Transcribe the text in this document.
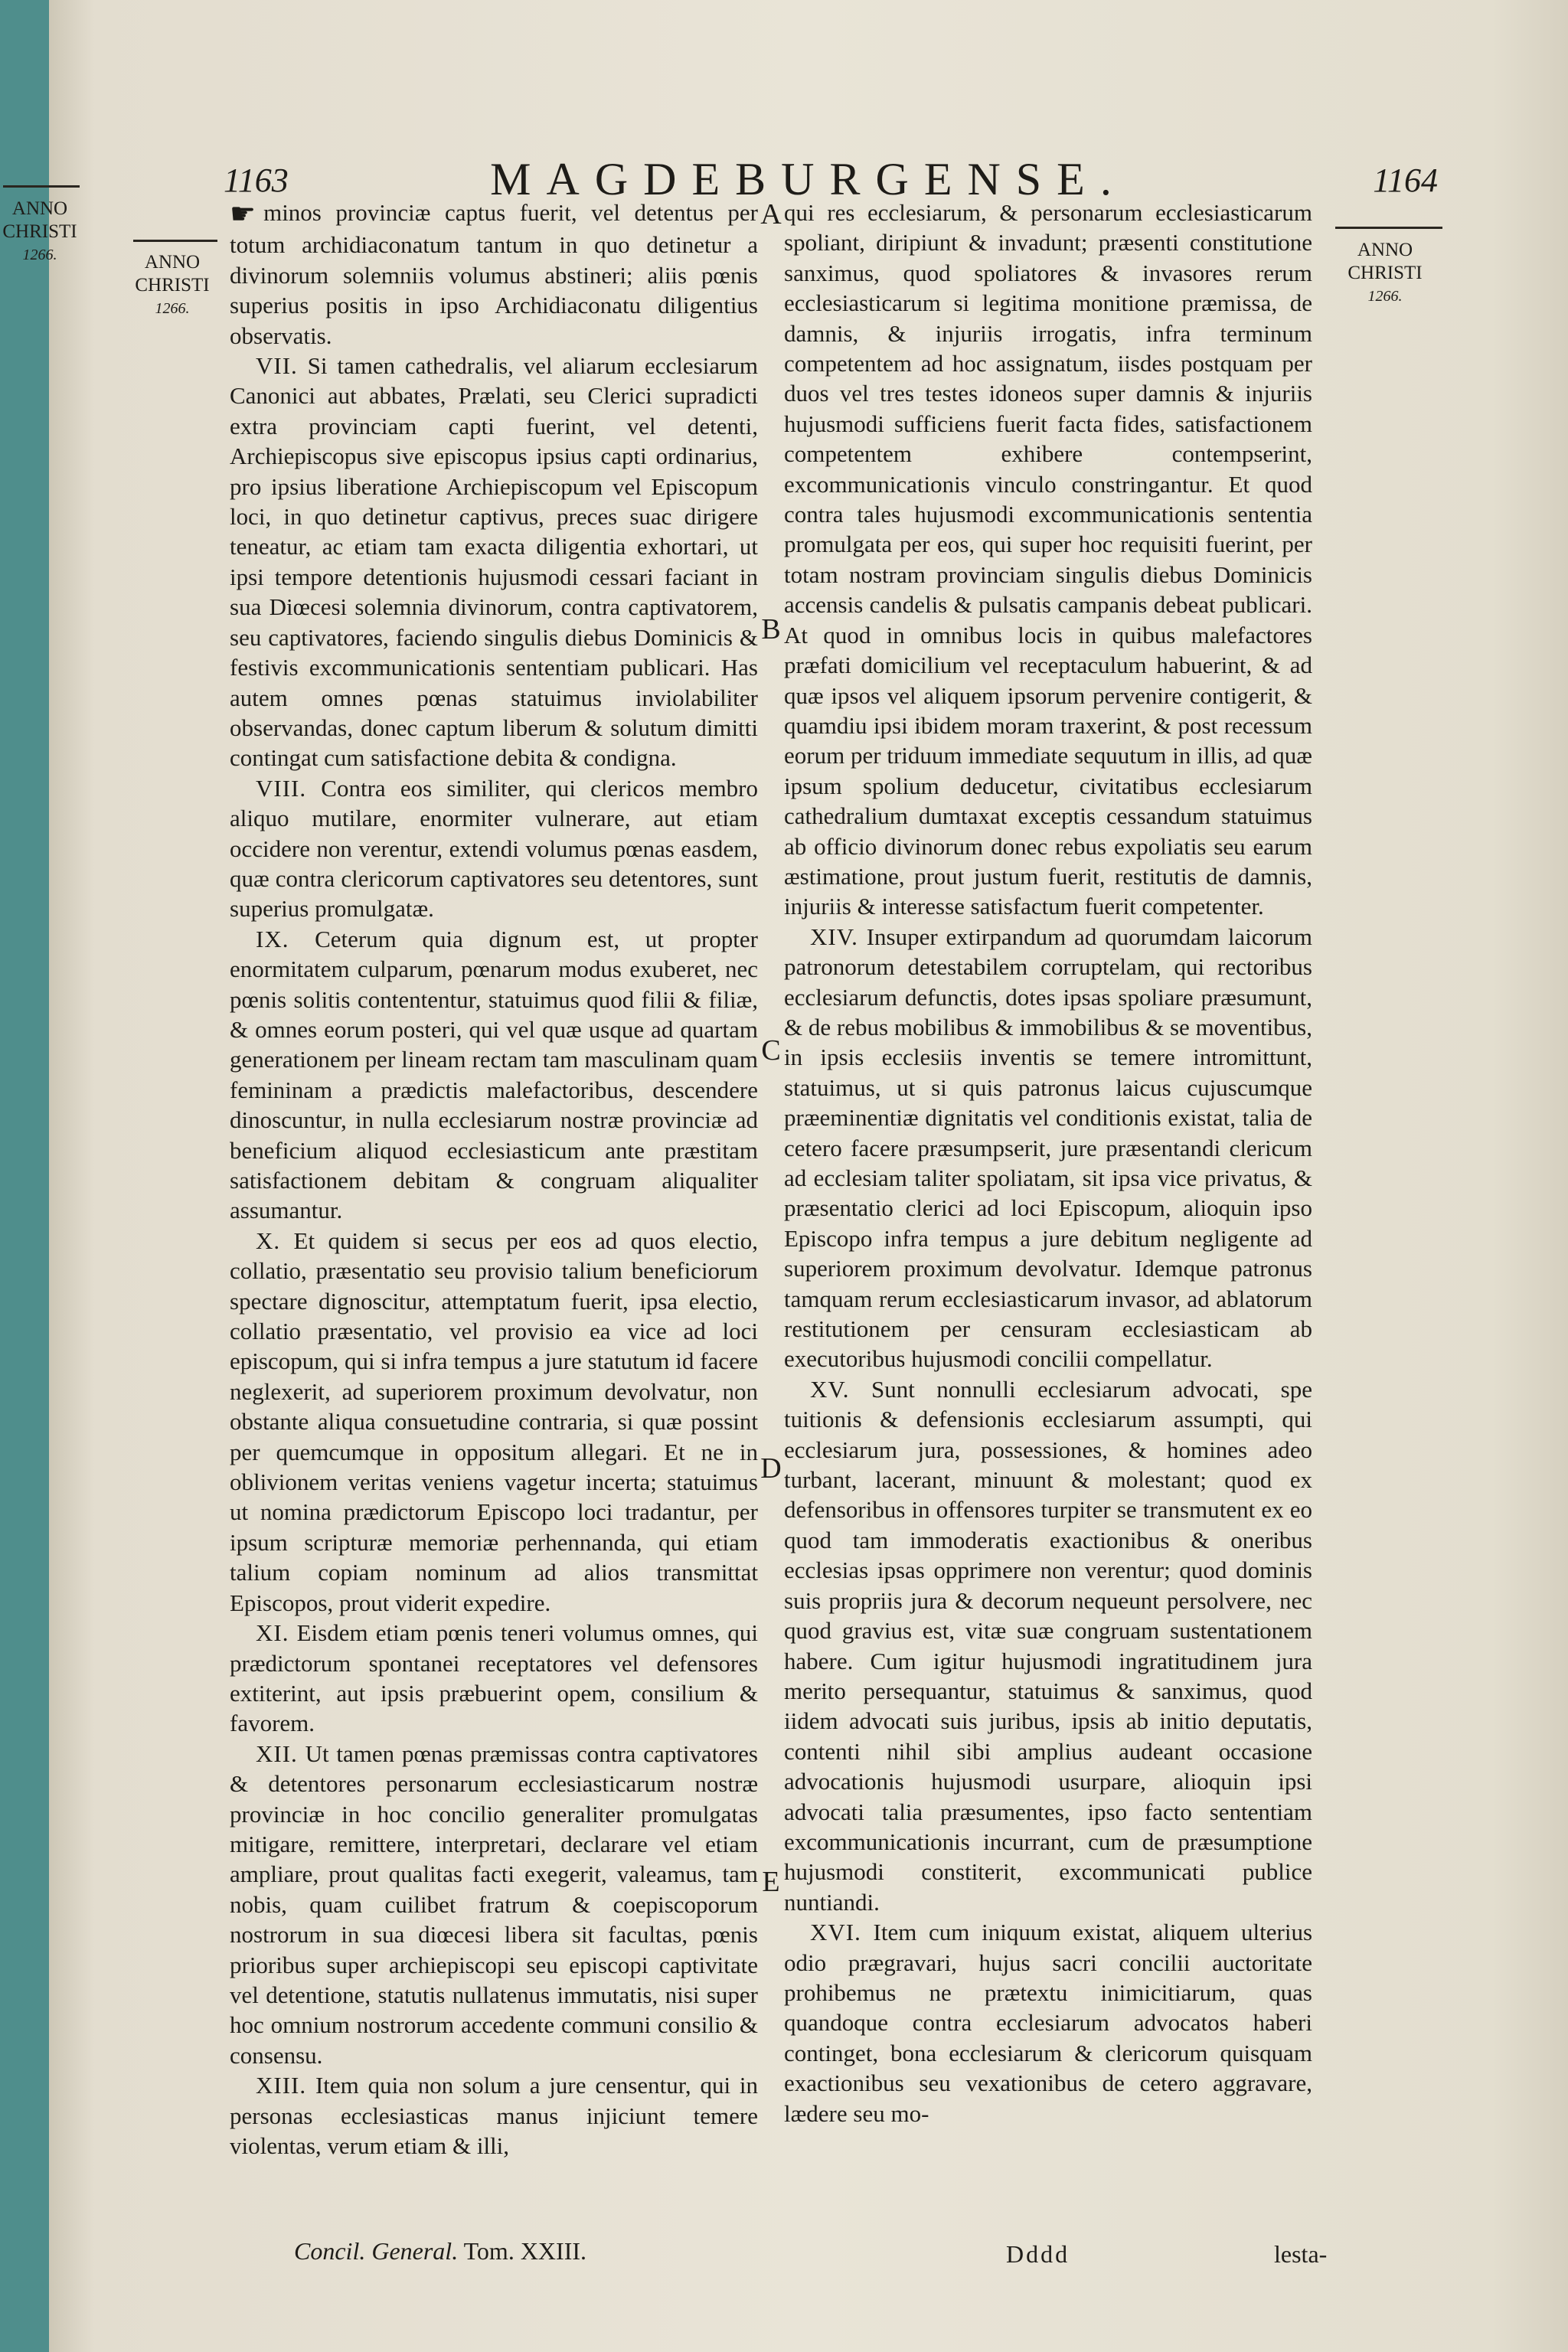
ANNO
CHRISTI
1266.
1163	MAGDEBURGENSE.	1164
ANNO
CHRISTI
1266.
ANNO
CHRISTI
1266.
A
B
C
D
E

☛ minos provinciæ captus fuerit, vel detentus per totum archidiaconatum tantum in quo detinetur a divinorum solemniis volumus abstineri; aliis pœnis superius positis in ipso Archidiaconatu diligentius observatis.

VII. Si tamen cathedralis, vel aliarum ecclesiarum Canonici aut abbates, Prælati, seu Clerici supradicti extra provinciam capti fuerint, vel detenti, Archiepiscopus sive episcopus ipsius capti ordinarius, pro ipsius liberatione Archiepiscopum vel Episcopum loci, in quo detinetur captivus, preces suac dirigere teneatur, ac etiam tam exacta diligentia exhortari, ut ipsi tempore detentionis hujusmodi cessari faciant in sua Diœcesi solemnia divinorum, contra captivatorem, seu captivatores, faciendo singulis diebus Dominicis & festivis excommunicationis sententiam publicari. Has autem omnes pœnas statuimus inviolabiliter observandas, donec captum liberum & solutum dimitti contingat cum satisfactione debita & condigna.

VIII. Contra eos similiter, qui clericos membro aliquo mutilare, enormiter vulnerare, aut etiam occidere non verentur, extendi volumus pœnas easdem, quæ contra clericorum captivatores seu detentores, sunt superius promulgatæ.

IX. Ceterum quia dignum est, ut propter enormitatem culparum, pœnarum modus exuberet, nec pœnis solitis contententur, statuimus quod filii & filiæ, & omnes eorum posteri, qui vel quæ usque ad quartam generationem per lineam rectam tam masculinam quam femininam a prædictis malefactoribus, descendere dinoscuntur, in nulla ecclesiarum nostræ provinciæ ad beneficium aliquod ecclesiasticum ante præstitam satisfactionem debitam & congruam aliqualiter assumantur.

X. Et quidem si secus per eos ad quos electio, collatio, præsentatio seu provisio talium beneficiorum spectare dignoscitur, attemptatum fuerit, ipsa electio, collatio præsentatio, vel provisio ea vice ad loci episcopum, qui si infra tempus a jure statutum id facere neglexerit, ad superiorem proximum devolvatur, non obstante aliqua consuetudine contraria, si quæ possint per quemcumque in oppositum allegari. Et ne in oblivionem veritas veniens vagetur incerta; statuimus ut nomina prædictorum Episcopo loci tradantur, per ipsum scripturæ memoriæ perhennanda, qui etiam talium copiam nominum ad alios transmittat Episcopos, prout viderit expedire.

XI. Eisdem etiam pœnis teneri volumus omnes, qui prædictorum spontanei receptatores vel defensores extiterint, aut ipsis præbuerint opem, consilium & favorem.

XII. Ut tamen pœnas præmissas contra captivatores & detentores personarum ecclesiasticarum nostræ provinciæ in hoc concilio generaliter promulgatas mitigare, remittere, interpretari, declarare vel etiam ampliare, prout qualitas facti exegerit, valeamus, tam nobis, quam cuilibet fratrum & coepiscoporum nostrorum in sua diœcesi libera sit facultas, pœnis prioribus super archiepiscopi seu episcopi captivitate vel detentione, statutis nullatenus immutatis, nisi super hoc omnium nostrorum accedente communi consilio & consensu.

XIII. Item quia non solum a jure censentur, qui in personas ecclesiasticas manus injiciunt temere violentas, verum etiam & illi,

qui res ecclesiarum, & personarum ecclesiasticarum spoliant, diripiunt & invadunt; præsenti constitutione sanximus, quod spoliatores & invasores rerum ecclesiasticarum si legitima monitione præmissa, de damnis, & injuriis irrogatis, infra terminum competentem ad hoc assignatum, iisdes postquam per duos vel tres testes idoneos super damnis & injuriis hujusmodi sufficiens fuerit facta fides, satisfactionem competentem exhibere contempserint, excommunicationis vinculo constringantur. Et quod contra tales hujusmodi excommunicationis sententia promulgata per eos, qui super hoc requisiti fuerint, per totam nostram provinciam singulis diebus Dominicis accensis candelis & pulsatis campanis debeat publicari. At quod in omnibus locis in quibus malefactores præfati domicilium vel receptaculum habuerint, & ad quæ ipsos vel aliquem ipsorum pervenire contigerit, & quamdiu ipsi ibidem moram traxerint, & post recessum eorum per triduum immediate sequutum in illis, ad quæ ipsum spolium deducetur, civitatibus ecclesiarum cathedralium dumtaxat exceptis cessandum statuimus ab officio divinorum donec rebus expoliatis seu earum æstimatione, prout justum fuerit, restitutis de damnis, injuriis & interesse satisfactum fuerit competenter.

XIV. Insuper extirpandum ad quorumdam laicorum patronorum detestabilem corruptelam, qui rectoribus ecclesiarum defunctis, dotes ipsas spoliare præsumunt, & de rebus mobilibus & immobilibus & se moventibus, in ipsis ecclesiis inventis se temere intromittunt, statuimus, ut si quis patronus laicus cujuscumque præeminentiæ dignitatis vel conditionis existat, talia de cetero facere præsumpserit, jure præsentandi clericum ad ecclesiam taliter spoliatam, sit ipsa vice privatus, & præsentatio clerici ad loci Episcopum, alioquin ipso Episcopo infra tempus a jure debitum negligente ad superiorem proximum devolvatur. Idemque patronus tamquam rerum ecclesiasticarum invasor, ad ablatorum restitutionem per censuram ecclesiasticam ab executoribus hujusmodi concilii compellatur.

XV. Sunt nonnulli ecclesiarum advocati, spe tuitionis & defensionis ecclesiarum assumpti, qui ecclesiarum jura, possessiones, & homines adeo turbant, lacerant, minuunt & molestant; quod ex defensoribus in offensores turpiter se transmutent ex eo quod tam immoderatis exactionibus & oneribus ecclesias ipsas opprimere non verentur; quod dominis suis propriis jura & decorum nequeunt persolvere, nec quod gravius est, vitæ suæ congruam sustentationem habere. Cum igitur hujusmodi ingratitudinem jura merito persequantur, statuimus & sanximus, quod iidem advocati suis juribus, ipsis ab initio deputatis, contenti nihil sibi amplius audeant occasione advocationis hujusmodi usurpare, alioquin ipsi advocati talia præsumentes, ipso facto sententiam excommunicationis incurrant, cum de præsumptione hujusmodi constiterit, excommunicati publice nuntiandi.

XVI. Item cum iniquum existat, aliquem ulterius odio prægravari, hujus sacri concilii auctoritate prohibemus ne prætextu inimicitiarum, quas quandoque contra ecclesiarum advocatos haberi continget, bona ecclesiarum & clericorum quisquam exactionibus seu vexationibus de cetero aggravare, lædere seu mo-

Concil. General. Tom. XXIII.	Dddd	lesta-
